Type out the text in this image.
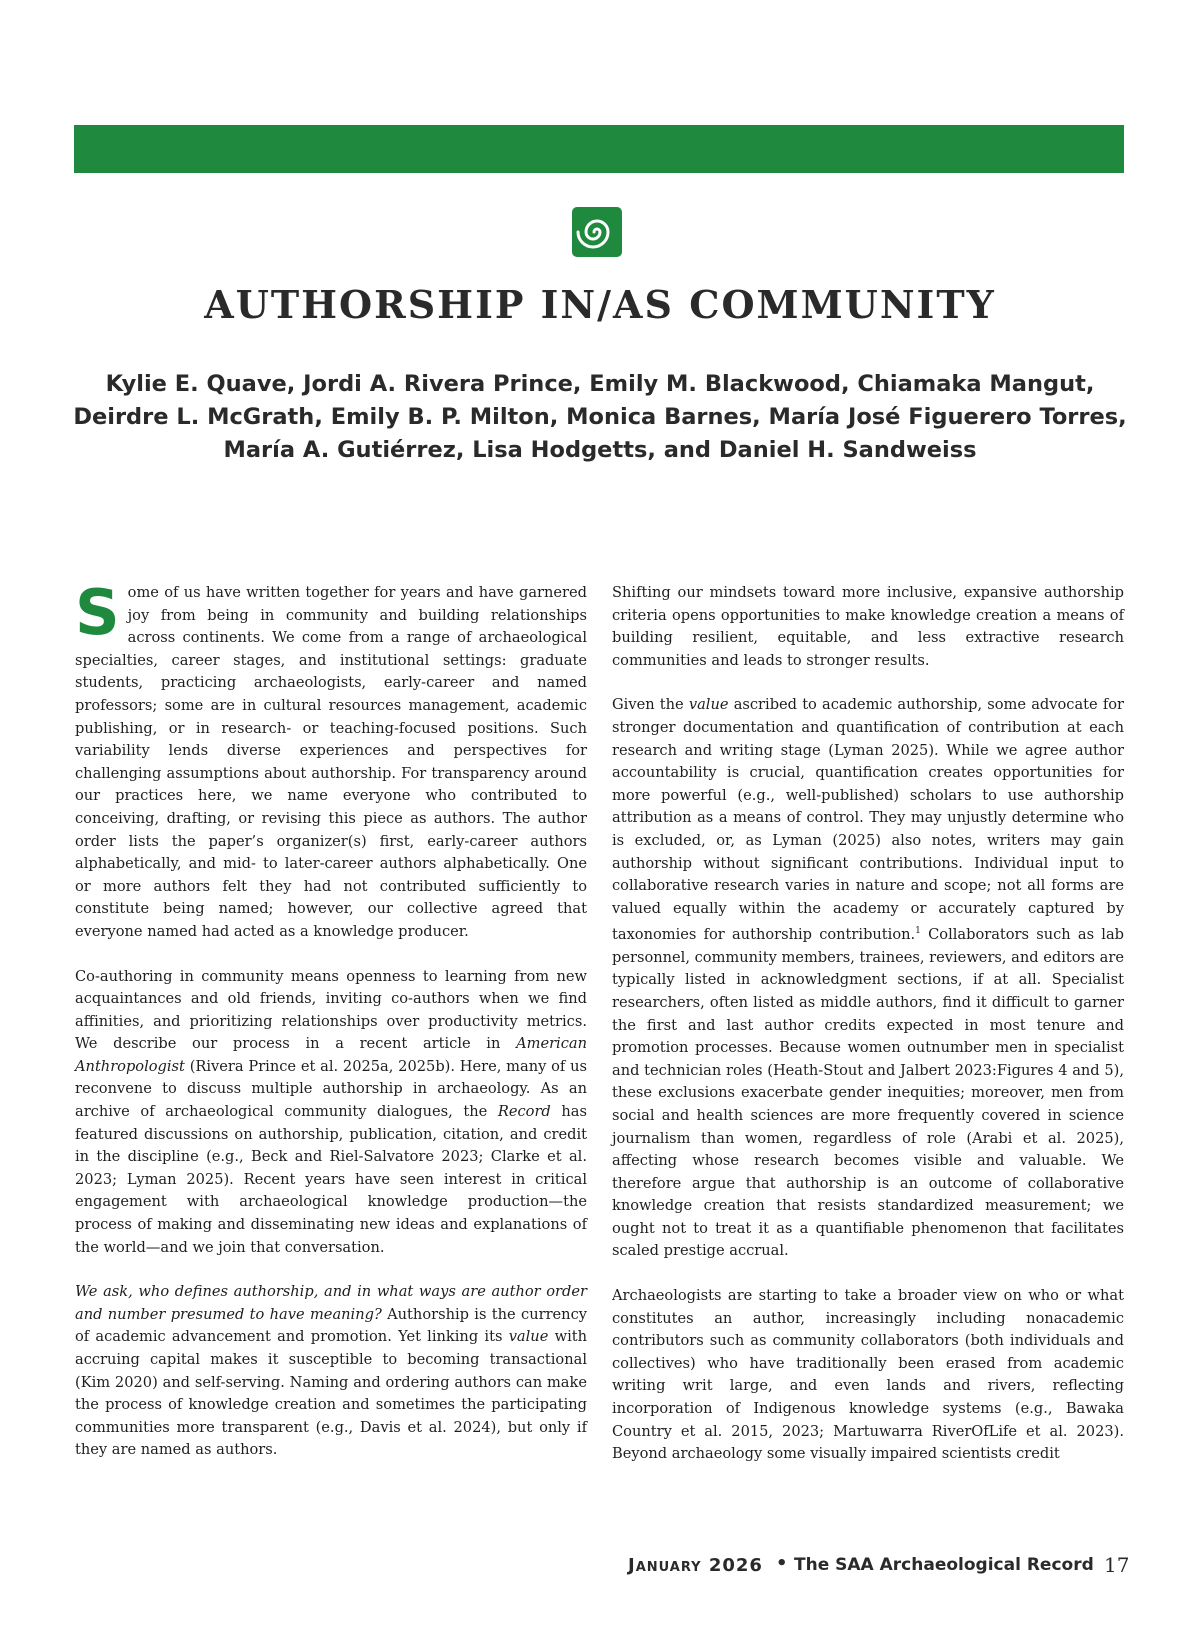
AUTHORSHIP IN/AS COMMUNITY
Kylie E. Quave, Jordi A. Rivera Prince, Emily M. Blackwood, Chiamaka Mangut,
Deirdre L. McGrath, Emily B. P. Milton, Monica Barnes, María José Figuerero Torres,
María A. Gutiérrez, Lisa Hodgetts, and Daniel H. Sandweiss

Some of us have written together for years and have garnered joy from being in community and building relationships across continents. We come from a range of archaeological specialties, career stages, and institutional settings: graduate students, practicing archaeologists, early-career and named professors; some are in cultural resources management, academic publishing, or in research- or teaching-focused positions. Such variability lends diverse experiences and perspectives for challenging assumptions about authorship. For transparency around our practices here, we name everyone who contributed to conceiving, drafting, or revising this piece as authors. The author order lists the paper’s organizer(s) first, early-career authors alphabetically, and mid- to later-career authors alphabetically. One or more authors felt they had not contributed sufficiently to constitute being named; however, our collective agreed that everyone named had acted as a knowledge producer.

Co-authoring in community means openness to learning from new acquaintances and old friends, inviting co-authors when we find affinities, and prioritizing relationships over productivity metrics. We describe our process in a recent article in American Anthropologist (Rivera Prince et al. 2025a, 2025b). Here, many of us reconvene to discuss multiple authorship in archaeology. As an archive of archaeological community dialogues, the Record has featured discussions on authorship, publication, citation, and credit in the discipline (e.g., Beck and Riel-Salvatore 2023; Clarke et al. 2023; Lyman 2025). Recent years have seen interest in critical engagement with archaeological knowledge production—the process of making and disseminating new ideas and explanations of the world—and we join that conversation.

We ask, who defines authorship, and in what ways are author order and number presumed to have meaning? Authorship is the currency of academic advancement and promotion. Yet linking its value with accruing capital makes it susceptible to becoming transactional (Kim 2020) and self-serving. Naming and ordering authors can make the process of knowledge creation and sometimes the participating communities more transparent (e.g., Davis et al. 2024), but only if they are named as authors.

Shifting our mindsets toward more inclusive, expansive authorship criteria opens opportunities to make knowledge creation a means of building resilient, equitable, and less extractive research communities and leads to stronger results.

Given the value ascribed to academic authorship, some advocate for stronger documentation and quantification of contribution at each research and writing stage (Lyman 2025). While we agree author accountability is crucial, quantification creates opportunities for more powerful (e.g., well-published) scholars to use authorship attribution as a means of control. They may unjustly determine who is excluded, or, as Lyman (2025) also notes, writers may gain authorship without significant contributions. Individual input to collaborative research varies in nature and scope; not all forms are valued equally within the academy or accurately captured by taxonomies for authorship contribution.$^1$ Collaborators such as lab personnel, community members, trainees, reviewers, and editors are typically listed in acknowledgment sections, if at all. Specialist researchers, often listed as middle authors, find it difficult to garner the first and last author credits expected in most tenure and promotion processes. Because women outnumber men in specialist and technician roles (Heath-Stout and Jalbert 2023:Figures 4 and 5), these exclusions exacerbate gender inequities; moreover, men from social and health sciences are more frequently covered in science journalism than women, regardless of role (Arabi et al. 2025), affecting whose research becomes visible and valuable. We therefore argue that authorship is an outcome of collaborative knowledge creation that resists standardized measurement; we ought not to treat it as a quantifiable phenomenon that facilitates scaled prestige accrual.

Archaeologists are starting to take a broader view on who or what constitutes an author, increasingly including nonacademic contributors such as community collaborators (both individuals and collectives) who have traditionally been erased from academic writing writ large, and even lands and rivers, reflecting incorporation of Indigenous knowledge systems (e.g., Bawaka Country et al. 2015, 2023; Martuwarra RiverOfLife et al. 2023). Beyond archaeology some visually impaired scientists credit

January 2026 • The SAA Archaeological Record 17
